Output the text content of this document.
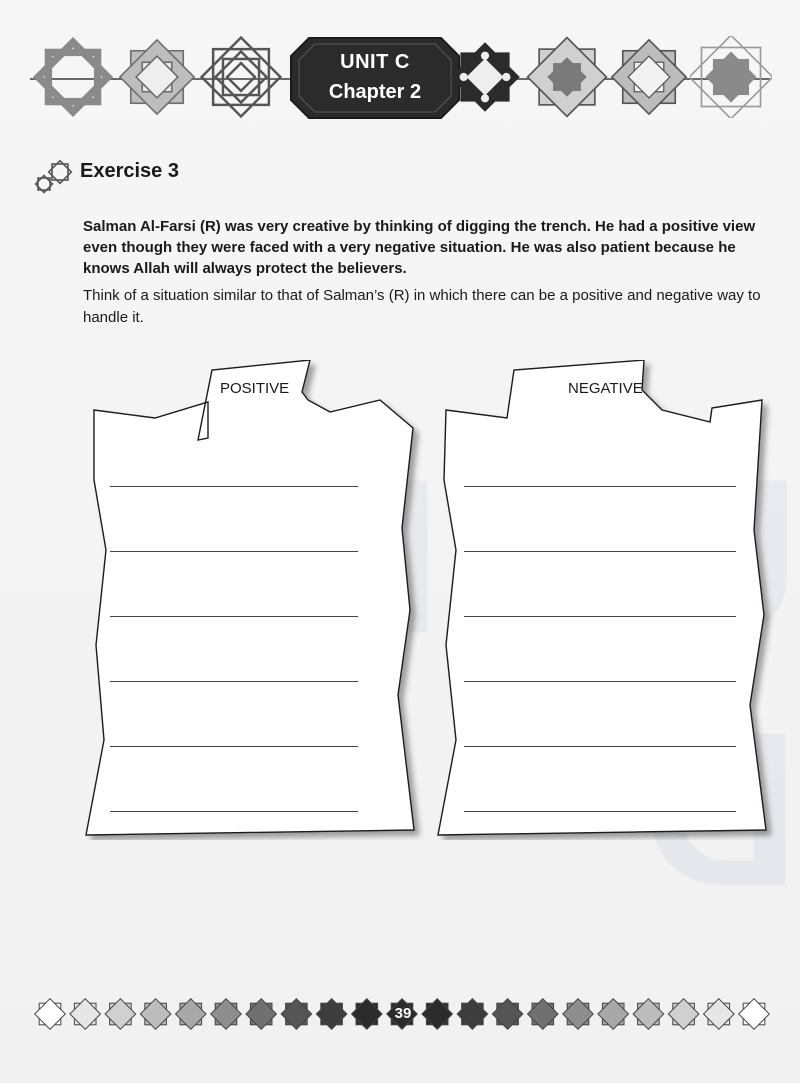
UNIT C
Chapter 2
Exercise 3
Salman Al-Farsi (R) was very creative by thinking of digging the trench. He had a positive view even though they were faced with a very negative situation. He was also patient because he knows Allah will always protect the believers.
Think of a situation similar to that of Salman’s (R) in which there can be a positive and negative way to handle it.
POSITIVE	NEGATIVE
39
